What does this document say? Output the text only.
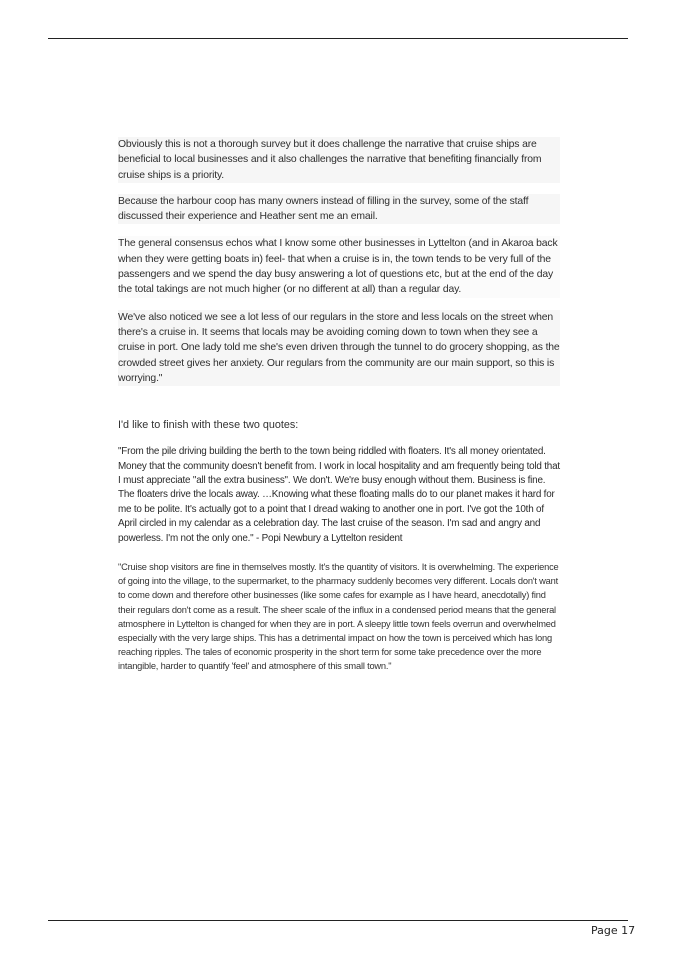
Obviously this is not a thorough survey but it does challenge the narrative that cruise ships are beneficial to local businesses and it also challenges the narrative that benefiting financially from cruise ships is a priority.

Because the harbour coop has many owners instead of filling in the survey, some of the staff discussed their experience and Heather sent me an email.

The general consensus echos what I know some other businesses in Lyttelton (and in Akaroa back when they were getting boats in) feel- that when a cruise is in, the town tends to be very full of the passengers and we spend the day busy answering a lot of questions etc, but at the end of the day the total takings are not much higher (or no different at all) than a regular day.

We've also noticed we see a lot less of our regulars in the store and less locals on the street when there's a cruise in. It seems that locals may be avoiding coming down to town when they see a cruise in port. One lady told me she's even driven through the tunnel to do grocery shopping, as the crowded street gives her anxiety. Our regulars from the community are our main support, so this is worrying."

I'd like to finish with these two quotes:

"From the pile driving building the berth to the town being riddled with floaters. It's all money orientated. Money that the community doesn't benefit from. I work in local hospitality and am frequently being told that I must appreciate "all the extra business". We don't. We're busy enough without them. Business is fine. The floaters drive the locals away. …Knowing what these floating malls do to our planet makes it hard for me to be polite. It's actually got to a point that I dread waking to another one in port. I've got the 10th of April circled in my calendar as a celebration day. The last cruise of the season. I'm sad and angry and powerless. I'm not the only one." - Popi Newbury a Lyttelton resident

"Cruise shop visitors are fine in themselves mostly. It's the quantity of visitors. It is overwhelming. The experience of going into the village, to the supermarket, to the pharmacy suddenly becomes very different. Locals don't want to come down and therefore other businesses (like some cafes for example as I have heard, anecdotally) find their regulars don't come as a result. The sheer scale of the influx in a condensed period means that the general atmosphere in Lyttelton is changed for when they are in port. A sleepy little town feels overrun and overwhelmed especially with the very large ships. This has a detrimental impact on how the town is perceived which has long reaching ripples. The tales of economic prosperity in the short term for some take precedence over the more intangible, harder to quantify 'feel' and atmosphere of this small town."

Page 17
